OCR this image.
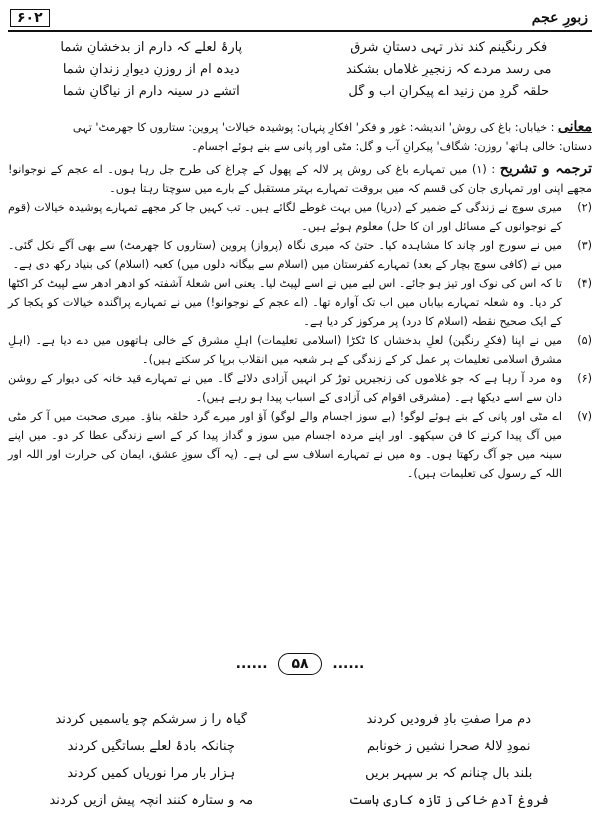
زبورِ عجم
۶۰۲
فکر رنگینم کند نذر تہی دستانِ شرق
پارۂ لعلے کہ دارم از بدخشانِ شما
می رسد مردے کہ زنجیرِ غلاماں بشکند
دیدہ ام از روزنِ دیوارِ زندانِ شما
حلقہ گردِ من زنید اے پیکرانِ آب و گل
آتشے در سینہ دارم از نیاگانِ شما
معانی : خیاباں: باغ کی روش' اندیشہ: غور و فکر' افکارِ پنہاں: پوشیدہ خیالات' پروین: ستاروں کا جھرمٹ' تہی
دستاں: خالی ہاتھ' روزن: شگاف' پیکرانِ آب و گل: مٹی اور پانی سے بنے ہوئے اجسام۔
ترجمہ و تشریح : (۱) میں تمہارے باغ کی روش پر لالہ کے پھول کے چراغ کی طرح جل رہا ہوں۔ اے عجم کے نوجوانو! مجھے اپنی اور تمہاری جان کی قسم کہ میں بروقت تمہارے بہتر مستقبل کے بارے میں سوچتا رہتا ہوں۔
(۲)
میری سوچ نے زندگی کے ضمیر کے (دریا) میں بہت غوطے لگائے ہیں۔ تب کہیں جا کر مجھے تمہارے پوشیدہ خیالات (قوم کے نوجوانوں کے مسائل اور ان کا حل) معلوم ہوئے ہیں۔
(۳)
میں نے سورج اور چاند کا مشاہدہ کیا۔ حتیٰ کہ میری نگاہ (پرواز) پروین (ستاروں کا جھرمٹ) سے بھی آگے نکل گئی۔ میں نے (کافی سوچ بچار کے بعد) تمہارے کفرستان میں (اسلام سے بیگانہ دلوں میں) کعبہ (اسلام) کی بنیاد رکھ دی ہے۔
(۴)
تا کہ اس کی نوک اور تیز ہو جائے۔ اس لیے میں نے اسے لپیٹ لیا۔ یعنی اس شعلۂ آشفتہ کو ادھر ادھر سے لپیٹ کر اکٹھا کر دیا۔ وہ شعلہ تمہارے بیاباں میں اب تک آوارہ تھا۔ (اے عجم کے نوجوانو!) میں نے تمہارے پراگندہ خیالات کو یکجا کر کے ایک صحیح نقطہ (اسلام کا درد) پر مرکوز کر دیا ہے۔
(۵)
میں نے اپنا (فکرِ رنگین) لعلِ بدخشاں کا ٹکڑا (اسلامی تعلیمات) اہلِ مشرق کے خالی ہاتھوں میں دے دیا ہے۔ (اہلِ مشرق اسلامی تعلیمات پر عمل کر کے زندگی کے ہر شعبہ میں انقلاب برپا کر سکتے ہیں)۔
(۶)
وہ مرد آ رہا ہے کہ جو غلاموں کی زنجیریں توڑ کر انہیں آزادی دلائے گا۔ میں نے تمہارے قید خانہ کی دیوار کے روشن دان سے اسے دیکھا ہے۔ (مشرقی اقوام کی آزادی کے اسباب پیدا ہو رہے ہیں)۔
(۷)
اے مٹی اور پانی کے بنے ہوئے لوگو! (بے سوز اجسام والے لوگو) آؤ اور میرے گرد حلقہ بناؤ۔ میری صحبت میں آ کر مٹی میں آگ پیدا کرنے کا فن سیکھو۔ اور اپنے مردہ اجسام میں سوز و گداز پیدا کر کے اسے زندگی عطا کر دو۔ میں اپنے سینہ میں جو آگ رکھتا ہوں۔ وہ میں نے تمہارے اسلاف سے لی ہے۔ (یہ آگ سوزِ عشق، ایمان کی حرارت اور اللہ اور اللہ کے رسول کی تعلیمات ہیں)۔
...... ۵۸ ......
دم مرا صفتِ بادِ فرودیں کردند
گیاہ را ز سرشکم چو یاسمیں کردند
نمودِ لالۂ صحرا نشیں ز خونابم
چنانکہ بادۂ لعلے بساتگیں کردند
بلند بال چنانم کہ بر سپہر بریں
ہزار بار مرا نوریاں کمیں کردند
فروغِ آدمِ خاکی ز تازہ کاری ہاست
مہ و ستارہ کنند آنچہ پیش ازیں کردند
